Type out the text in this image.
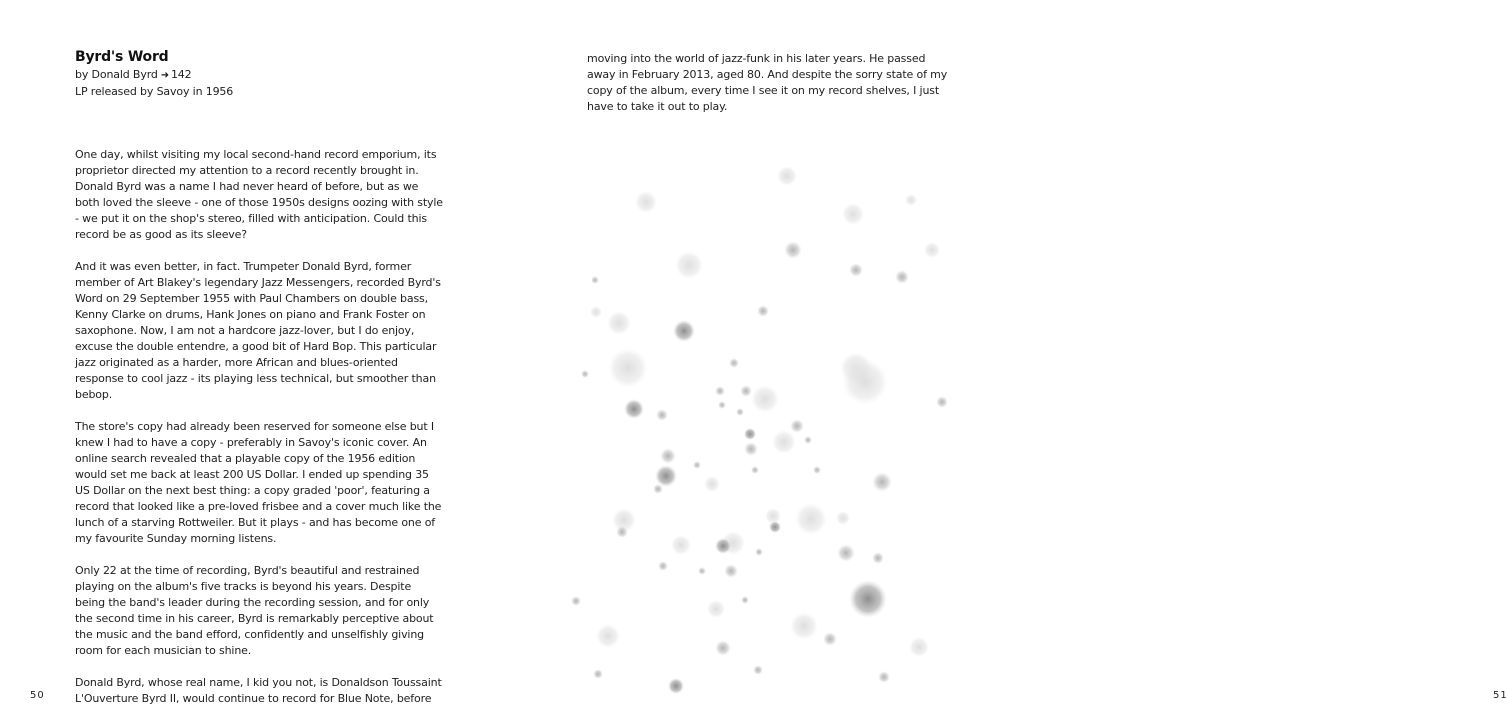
Byrd's Word
by Donald Byrd ➜ 142
LP released by Savoy in 1956

One day, whilst visiting my local second-hand record emporium, its proprietor directed my attention to a record recently brought in. Donald Byrd was a name I had never heard of before, but as we both loved the sleeve - one of those 1950s designs oozing with style - we put it on the shop's stereo, filled with anticipation. Could this record be as good as its sleeve?

And it was even better, in fact. Trumpeter Donald Byrd, former member of Art Blakey's legendary Jazz Messengers, recorded Byrd's Word on 29 September 1955 with Paul Chambers on double bass, Kenny Clarke on drums, Hank Jones on piano and Frank Foster on saxophone. Now, I am not a hardcore jazz-lover, but I do enjoy, excuse the double entendre, a good bit of Hard Bop. This particular jazz originated as a harder, more African and blues-oriented response to cool jazz - its playing less technical, but smoother than bebop.

The store's copy had already been reserved for someone else but I knew I had to have a copy - preferably in Savoy's iconic cover. An online search revealed that a playable copy of the 1956 edition would set me back at least 200 US Dollar. I ended up spending 35 US Dollar on the next best thing: a copy graded 'poor', featuring a record that looked like a pre-loved frisbee and a cover much like the lunch of a starving Rottweiler. But it plays - and has become one of my favourite Sunday morning listens.

Only 22 at the time of recording, Byrd's beautiful and restrained playing on the album's five tracks is beyond his years. Despite being the band's leader during the recording session, and for only the second time in his career, Byrd is remarkably perceptive about the music and the band efford, confidently and unselfishly giving room for each musician to shine.

Donald Byrd, whose real name, I kid you not, is Donaldson Toussaint L'Ouverture Byrd II, would continue to record for Blue Note, before

50

moving into the world of jazz-funk in his later years. He passed away in February 2013, aged 80. And despite the sorry state of my copy of the album, every time I see it on my record shelves, I just have to take it out to play.

51
